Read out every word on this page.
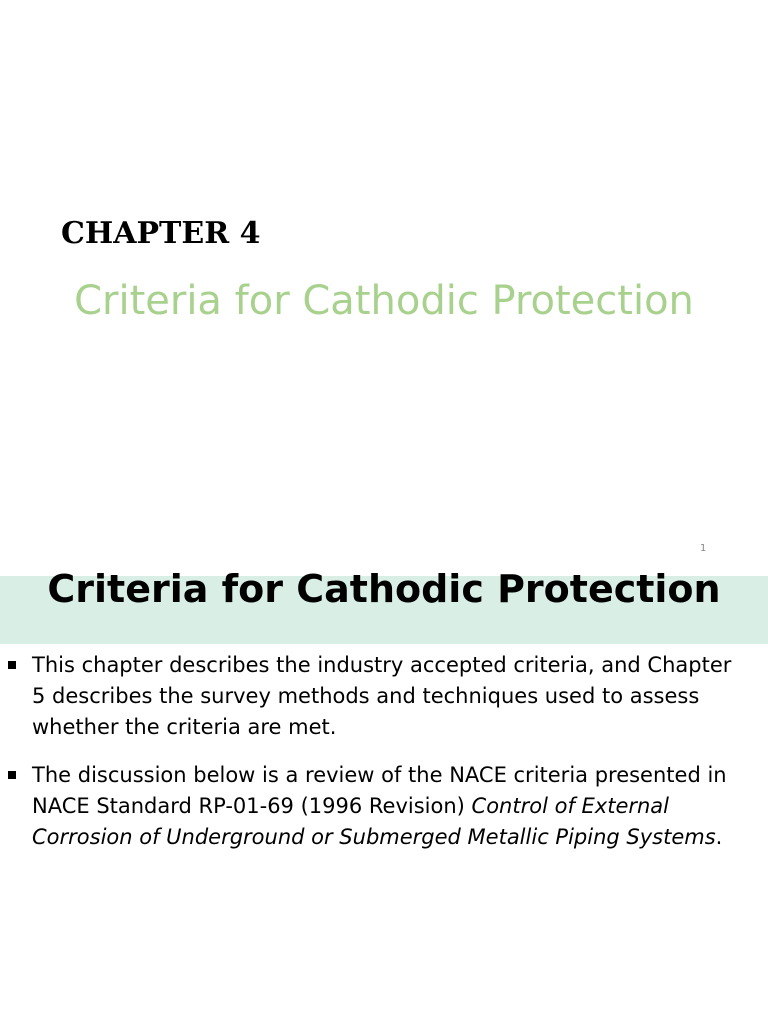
CHAPTER 4
Criteria for Cathodic Protection
1
Criteria for Cathodic Protection
This chapter describes the industry accepted criteria, and Chapter 5 describes the survey methods and techniques used to assess whether the criteria are met.
The discussion below is a review of the NACE criteria presented in NACE Standard RP-01-69 (1996 Revision) Control of External Corrosion of Underground or Submerged Metallic Piping Systems.
